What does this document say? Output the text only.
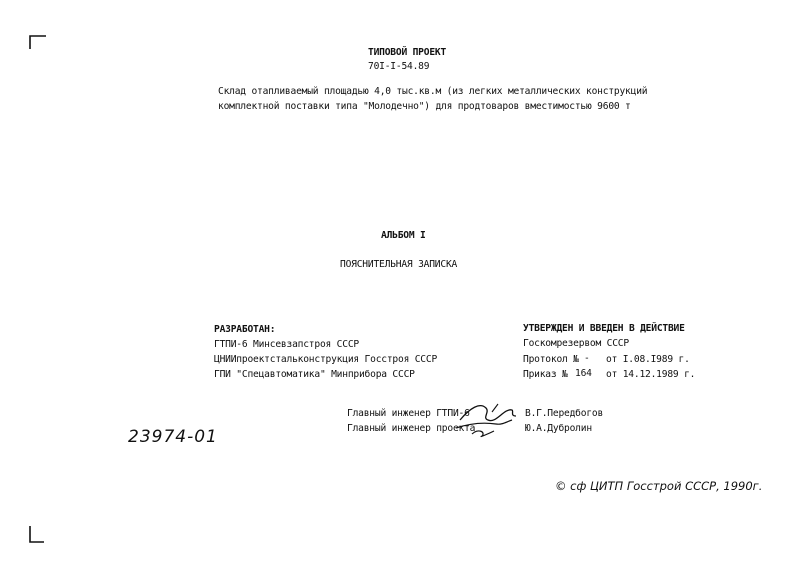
ТИПОВОЙ ПРОЕКТ
70I-I-54.89
Склад отапливаемый площадью 4,0 тыс.кв.м (из легких металлических конструкций
комплектной поставки типа "Молодечно") для продтоваров вместимостью 9600 т
АЛЬБОМ I
ПОЯСНИТЕЛЬНАЯ ЗАПИСКА
РАЗРАБОТАН:
ГТПИ-6 Минсевзапстроя СССР
ЦНИИпроектстальконструкция Госстроя СССР
ГПИ "Спецавтоматика" Минприбора СССР
УТВЕРЖДЕН И ВВЕДЕН В ДЕЙСТВИЕ
Госкомрезервом СССР
Протокол № - от I.08.I989 г.
Приказ № 164 от 14.12.1989 г.
Главный инженер ГТПИ-6	В.Г.Передбогов
Главный инженер проекта	Ю.А.Дубролин
23974-01
© сф ЦИТП Госстрой СССР, 1990г.
